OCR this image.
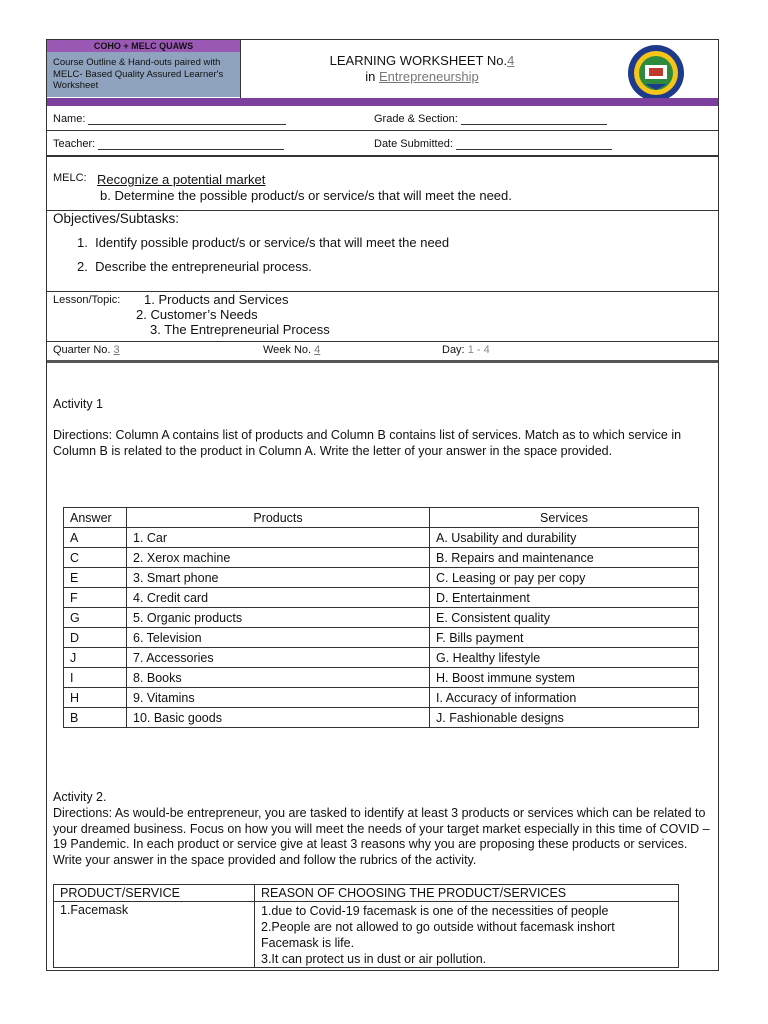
COHO + MELC QUAWS
Course Outline & Hand-outs paired with MELC- Based Quality Assured Learner's Worksheet
LEARNING WORKSHEET No.4
in Entrepreneurship
Name:	Grade & Section:
Teacher:	Date Submitted:
MELC: Recognize a potential market
b. Determine the possible product/s or service/s that will meet the need.
Objectives/Subtasks:
1.  Identify possible product/s or service/s that will meet the need
2.  Describe the entrepreneurial process.
Lesson/Topic: 1. Products and Services
2. Customer’s Needs
3. The Entrepreneurial Process
Quarter No. 3	Week No. 4	Day: 1 - 4
Activity 1
Directions: Column A contains list of products and Column B contains list of services. Match as to which service in Column B is related to the product in Column A. Write the letter of your answer in the space provided.
Answer	Products	Services
A	1. Car	A. Usability and durability
C	2. Xerox machine	B. Repairs and maintenance
E	3. Smart phone	C. Leasing or pay per copy
F	4. Credit card	D. Entertainment
G	5. Organic products	E. Consistent quality
D	6. Television	F. Bills payment
J	7. Accessories	G. Healthy lifestyle
I	8. Books	H. Boost immune system
H	9. Vitamins	I. Accuracy of information
B	10. Basic goods	J. Fashionable designs
Activity 2.
Directions: As would-be entrepreneur, you are tasked to identify at least 3 products or services which can be related to your dreamed business. Focus on how you will meet the needs of your target market especially in this time of COVID – 19 Pandemic. In each product or service give at least 3 reasons why you are proposing these products or services. Write your answer in the space provided and follow the rubrics of the activity.
PRODUCT/SERVICE	REASON OF CHOOSING THE PRODUCT/SERVICES
1.Facemask	1.due to Covid-19 facemask is one of the necessities of people
2.People are not allowed to go outside without facemask inshort Facemask is life.
3.It can protect us in dust or air pollution.
